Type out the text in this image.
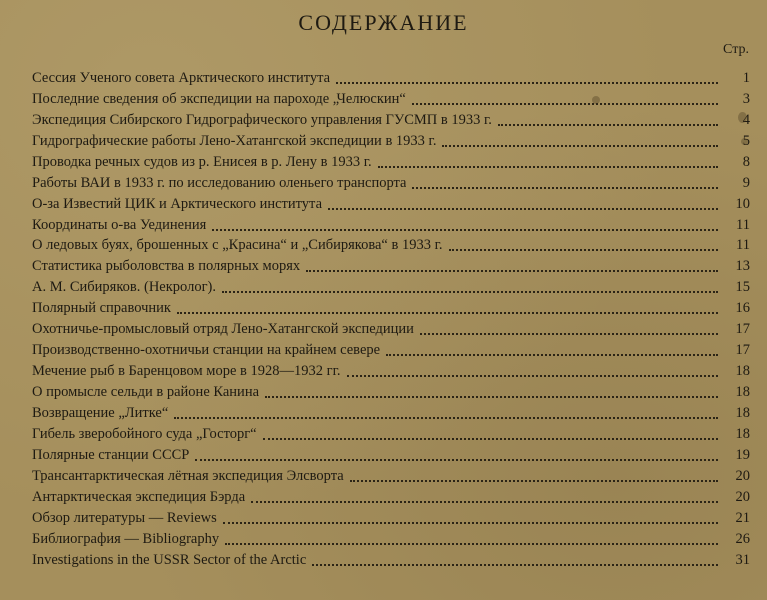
СОДЕРЖАНИЕ
Стр.
Сессия Ученого совета Арктического института	1
Последние сведения об экспедиции на пароходе „Челюскин“	3
Экспедиция Сибирского Гидрографического управления ГУСМП в 1933 г.	4
Гидрографические работы Лено-Хатангской экспедиции в 1933 г.	5
Проводка речных судов из р. Енисея в р. Лену в 1933 г.	8
Работы ВАИ в 1933 г. по исследованию оленьего транспорта	9
О-за Известий ЦИК и Арктического института	10
Координаты о-ва Уединения	11
О ледовых буях, брошенных с „Красина“ и „Сибирякова“ в 1933 г.	11
Статистика рыболовства в полярных морях	13
А. М. Сибиряков. (Некролог).	15
Полярный справочник	16
Охотничье-промысловый отряд Лено-Хатангской экспедиции	17
Производственно-охотничьи станции на крайнем севере	17
Мечение рыб в Баренцовом море в 1928—1932 гг.	18
О промысле сельди в районе Канина	18
Возвращение „Литке“	18
Гибель зверобойного суда „Госторг“	18
Полярные станции СССР	19
Трансантарктическая лётная экспедиция Элсворта	20
Антарктическая экспедиция Бэрда	20
Обзор литературы — Reviews	21
Библиография — Bibliography	26
Investigations in the USSR Sector of the Arctic	31
